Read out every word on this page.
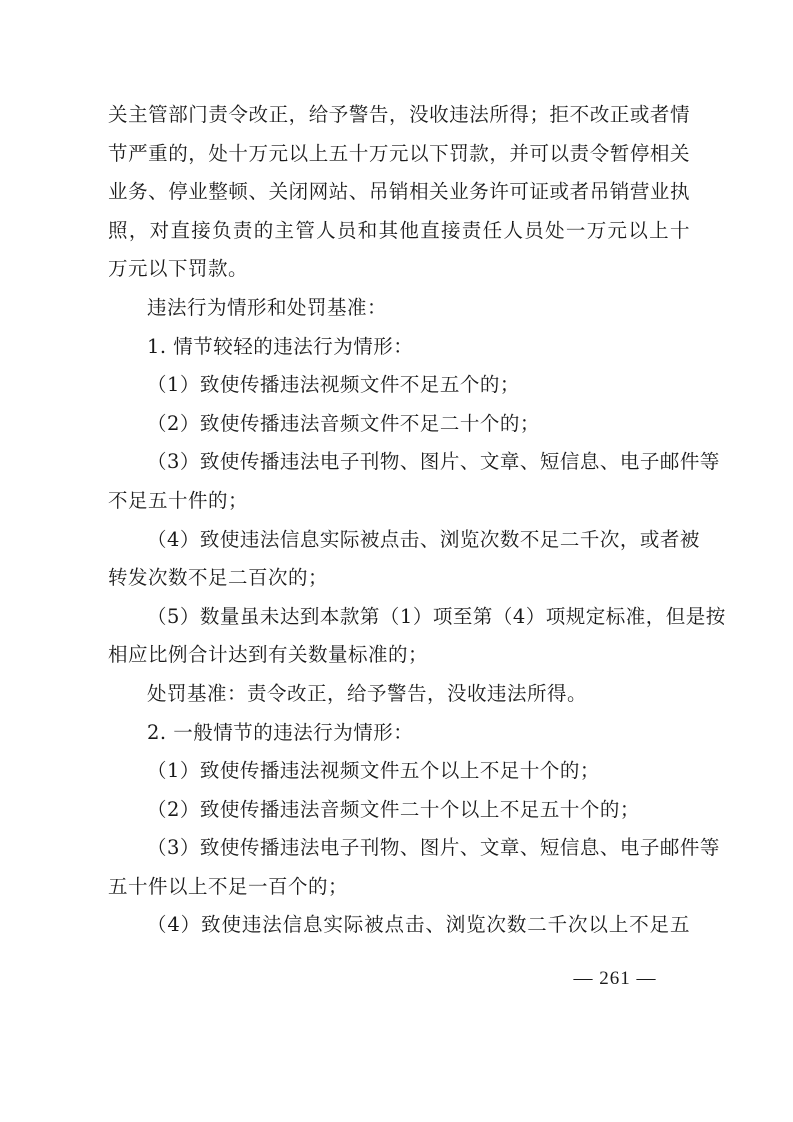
关主管部门责令改正，给予警告，没收违法所得；拒不改正或者情
节严重的，处十万元以上五十万元以下罚款，并可以责令暂停相关
业务、停业整顿、关闭网站、吊销相关业务许可证或者吊销营业执
照，对直接负责的主管人员和其他直接责任人员处一万元以上十
万元以下罚款。
违法行为情形和处罚基准：
1. 情节较轻的违法行为情形：
（1）致使传播违法视频文件不足五个的；
（2）致使传播违法音频文件不足二十个的；
（3）致使传播违法电子刊物、图片、文章、短信息、电子邮件等
不足五十件的；
（4）致使违法信息实际被点击、浏览次数不足二千次，或者被
转发次数不足二百次的；
（5）数量虽未达到本款第（1）项至第（4）项规定标准，但是按
相应比例合计达到有关数量标准的；
处罚基准：责令改正，给予警告，没收违法所得。
2. 一般情节的违法行为情形：
（1）致使传播违法视频文件五个以上不足十个的；
（2）致使传播违法音频文件二十个以上不足五十个的；
（3）致使传播违法电子刊物、图片、文章、短信息、电子邮件等
五十件以上不足一百个的；
（4）致使违法信息实际被点击、浏览次数二千次以上不足五
— 261 —
